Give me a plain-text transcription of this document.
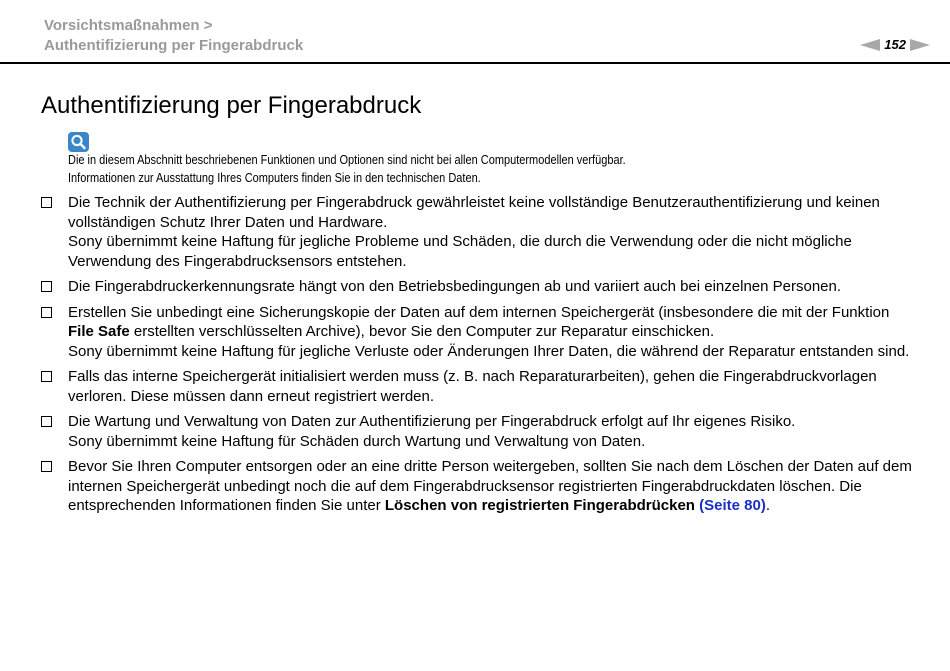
Vorsichtsmaßnahmen >
Authentifizierung per Fingerabdruck	152
Authentifizierung per Fingerabdruck
Die in diesem Abschnitt beschriebenen Funktionen und Optionen sind nicht bei allen Computermodellen verfügbar.
Informationen zur Ausstattung Ihres Computers finden Sie in den technischen Daten.
Die Technik der Authentifizierung per Fingerabdruck gewährleistet keine vollständige Benutzerauthentifizierung und keinen vollständigen Schutz Ihrer Daten und Hardware.
Sony übernimmt keine Haftung für jegliche Probleme und Schäden, die durch die Verwendung oder die nicht mögliche Verwendung des Fingerabdrucksensors entstehen.
Die Fingerabdruckerkennungsrate hängt von den Betriebsbedingungen ab und variiert auch bei einzelnen Personen.
Erstellen Sie unbedingt eine Sicherungskopie der Daten auf dem internen Speichergerät (insbesondere die mit der Funktion File Safe erstellten verschlüsselten Archive), bevor Sie den Computer zur Reparatur einschicken.
Sony übernimmt keine Haftung für jegliche Verluste oder Änderungen Ihrer Daten, die während der Reparatur entstanden sind.
Falls das interne Speichergerät initialisiert werden muss (z. B. nach Reparaturarbeiten), gehen die Fingerabdruckvorlagen verloren. Diese müssen dann erneut registriert werden.
Die Wartung und Verwaltung von Daten zur Authentifizierung per Fingerabdruck erfolgt auf Ihr eigenes Risiko.
Sony übernimmt keine Haftung für Schäden durch Wartung und Verwaltung von Daten.
Bevor Sie Ihren Computer entsorgen oder an eine dritte Person weitergeben, sollten Sie nach dem Löschen der Daten auf dem internen Speichergerät unbedingt noch die auf dem Fingerabdrucksensor registrierten Fingerabdruckdaten löschen. Die entsprechenden Informationen finden Sie unter Löschen von registrierten Fingerabdrücken (Seite 80).
